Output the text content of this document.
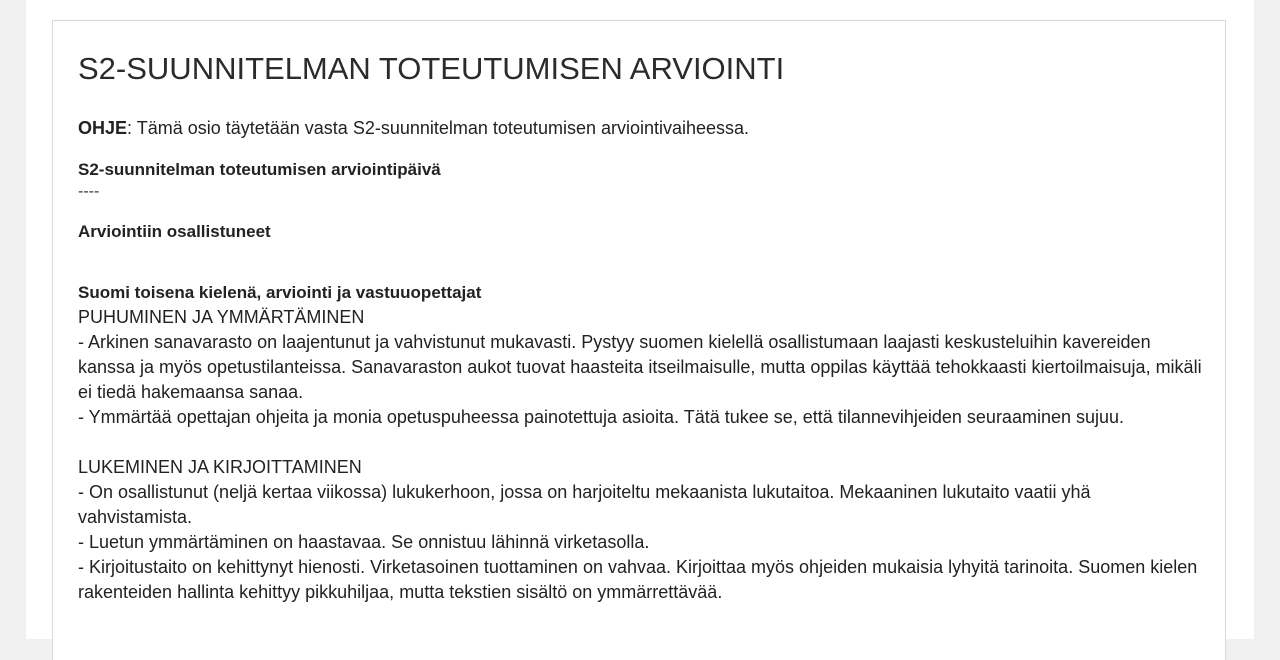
S2-SUUNNITELMAN TOTEUTUMISEN ARVIOINTI
OHJE: Tämä osio täytetään vasta S2-suunnitelman toteutumisen arviointivaiheessa.
S2-suunnitelman toteutumisen arviointipäivä
----
Arviointiin osallistuneet
Suomi toisena kielenä, arviointi ja vastuuopettajat
PUHUMINEN JA YMMÄRTÄMINEN

- Arkinen sanavarasto on laajentunut ja vahvistunut mukavasti. Pystyy suomen kielellä osallistumaan laajasti keskusteluihin kavereiden kanssa ja myös opetustilanteissa. Sanavaraston aukot tuovat haasteita itseilmaisulle, mutta oppilas käyttää tehokkaasti kiertoilmaisuja, mikäli ei tiedä hakemaansa sanaa.

- Ymmärtää opettajan ohjeita ja monia opetuspuheessa painotettuja asioita. Tätä tukee se, että tilannevihjeiden seuraaminen sujuu.

LUKEMINEN JA KIRJOITTAMINEN

- On osallistunut (neljä kertaa viikossa) lukukerhoon, jossa on harjoiteltu mekaanista lukutaitoa. Mekaaninen lukutaito vaatii yhä vahvistamista.

- Luetun ymmärtäminen on haastavaa. Se onnistuu lähinnä virketasolla.

- Kirjoitustaito on kehittynyt hienosti. Virketasoinen tuottaminen on vahvaa. Kirjoittaa myös ohjeiden mukaisia lyhyitä tarinoita. Suomen kielen rakenteiden hallinta kehittyy pikkuhiljaa, mutta tekstien sisältö on ymmärrettävää.
